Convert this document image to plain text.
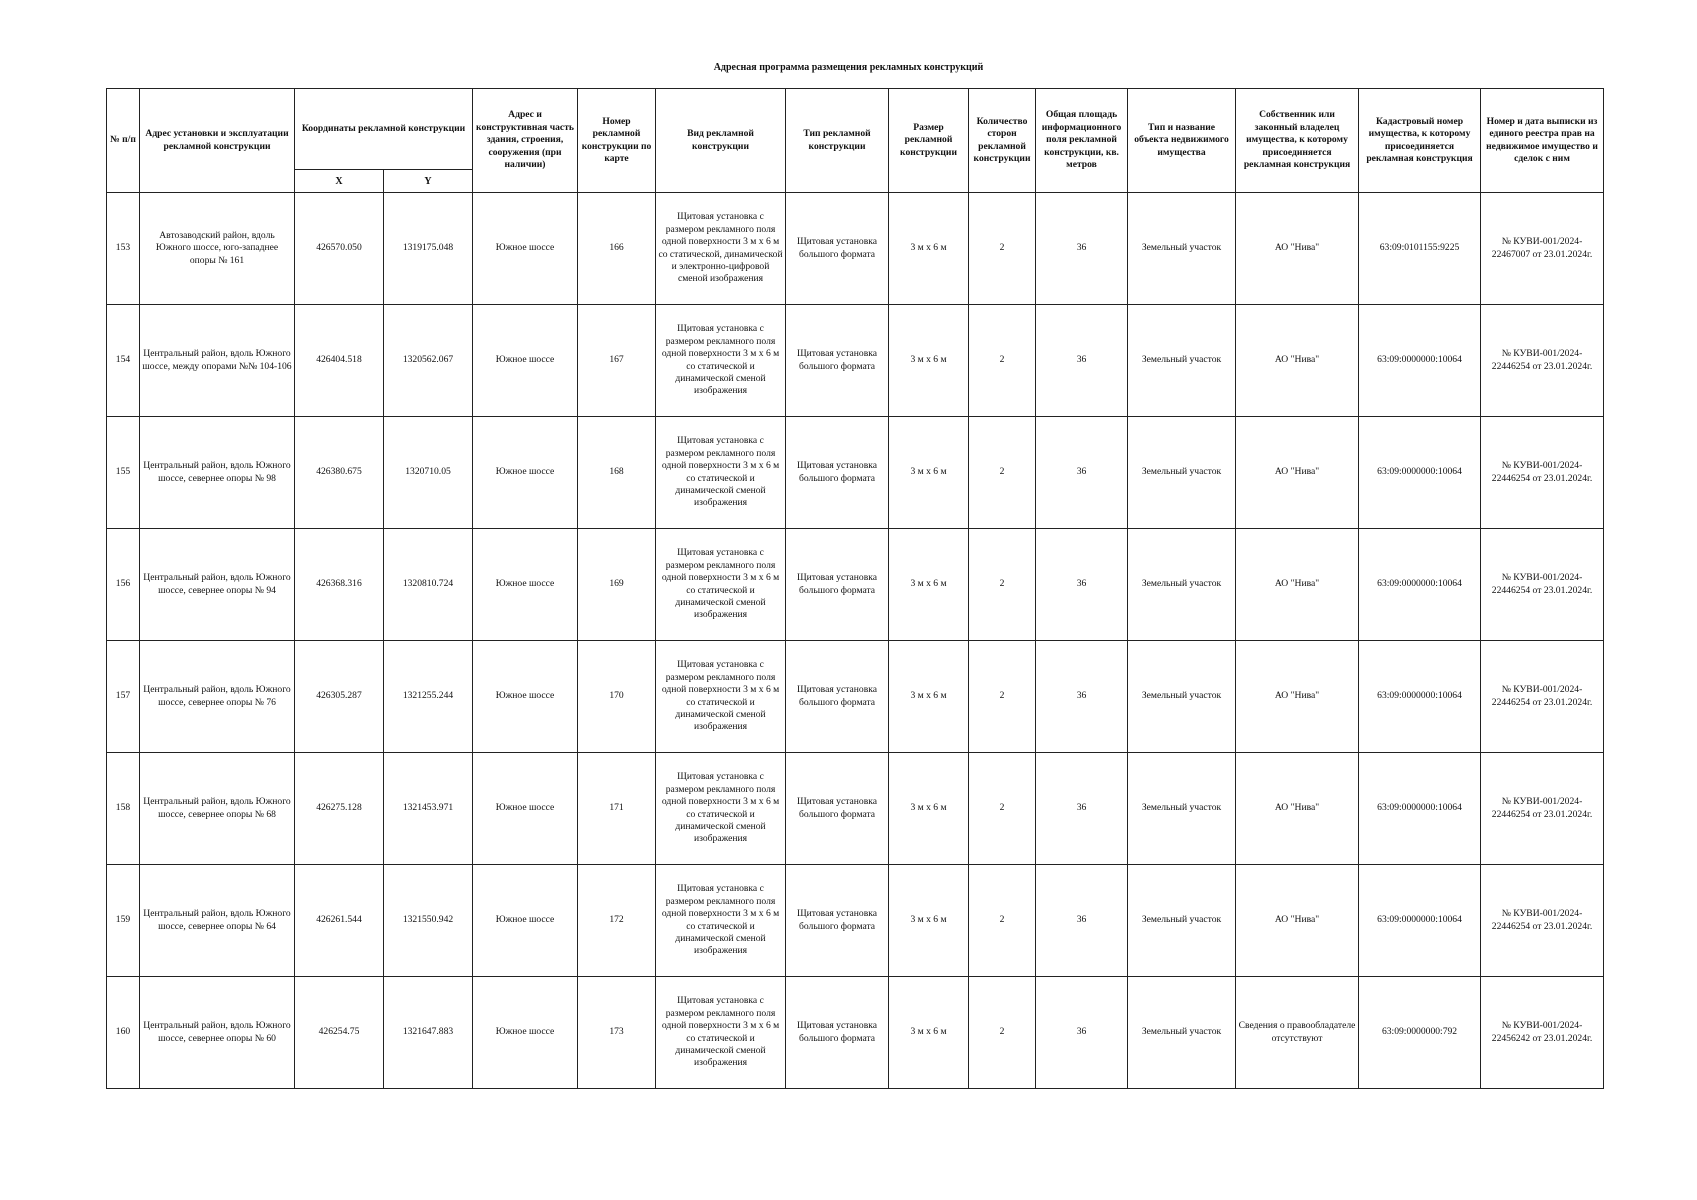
Адресная программа размещения рекламных конструкций
№ п/п	Адрес установки и эксплуатации рекламной конструкции	Координаты рекламной конструкции		Адрес и конструктивная часть здания, строения, сооружения (при наличии)	Номер рекламной конструкции по карте	Вид рекламной конструкции	Тип рекламной конструкции	Размер рекламной конструкции	Количество сторон рекламной конструкции	Общая площадь информационного поля рекламной конструкции, кв. метров	Тип и название объекта недвижимого имущества	Собственник или законный владелец имущества, к которому присоединяется рекламная конструкция	Кадастровый номер имущества, к которому присоединяется рекламная конструкция	Номер и дата выписки из единого реестра прав на недвижимое имущество и сделок с ним
		X	Y											
153	Автозаводский район, вдоль Южного шоссе, юго-западнее опоры № 161	426570.050	1319175.048	Южное шоссе	166	Щитовая установка с размером рекламного поля одной поверхности 3 м х 6 м со статической, динамической и электронно-цифровой сменой изображения	Щитовая установка большого формата	3 м х 6 м	2	36	Земельный участок	АО "Нива"	63:09:0101155:9225	№ КУВИ-001/2024-22467007 от 23.01.2024г.
154	Центральный район, вдоль Южного шоссе, между опорами №№ 104-106	426404.518	1320562.067	Южное шоссе	167	Щитовая установка с размером рекламного поля одной поверхности 3 м х 6 м со статической и динамической сменой изображения	Щитовая установка большого формата	3 м х 6 м	2	36	Земельный участок	АО "Нива"	63:09:0000000:10064	№ КУВИ-001/2024-22446254 от 23.01.2024г.
155	Центральный район, вдоль Южного шоссе, севернее опоры № 98	426380.675	1320710.05	Южное шоссе	168	Щитовая установка с размером рекламного поля одной поверхности 3 м х 6 м со статической и динамической сменой изображения	Щитовая установка большого формата	3 м х 6 м	2	36	Земельный участок	АО "Нива"	63:09:0000000:10064	№ КУВИ-001/2024-22446254 от 23.01.2024г.
156	Центральный район, вдоль Южного шоссе, севернее опоры № 94	426368.316	1320810.724	Южное шоссе	169	Щитовая установка с размером рекламного поля одной поверхности 3 м х 6 м со статической и динамической сменой изображения	Щитовая установка большого формата	3 м х 6 м	2	36	Земельный участок	АО "Нива"	63:09:0000000:10064	№ КУВИ-001/2024-22446254 от 23.01.2024г.
157	Центральный район, вдоль Южного шоссе, севернее опоры № 76	426305.287	1321255.244	Южное шоссе	170	Щитовая установка с размером рекламного поля одной поверхности 3 м х 6 м со статической и динамической сменой изображения	Щитовая установка большого формата	3 м х 6 м	2	36	Земельный участок	АО "Нива"	63:09:0000000:10064	№ КУВИ-001/2024-22446254 от 23.01.2024г.
158	Центральный район, вдоль Южного шоссе, севернее опоры № 68	426275.128	1321453.971	Южное шоссе	171	Щитовая установка с размером рекламного поля одной поверхности 3 м х 6 м со статической и динамической сменой изображения	Щитовая установка большого формата	3 м х 6 м	2	36	Земельный участок	АО "Нива"	63:09:0000000:10064	№ КУВИ-001/2024-22446254 от 23.01.2024г.
159	Центральный район, вдоль Южного шоссе, севернее опоры № 64	426261.544	1321550.942	Южное шоссе	172	Щитовая установка с размером рекламного поля одной поверхности 3 м х 6 м со статической и динамической сменой изображения	Щитовая установка большого формата	3 м х 6 м	2	36	Земельный участок	АО "Нива"	63:09:0000000:10064	№ КУВИ-001/2024-22446254 от 23.01.2024г.
160	Центральный район, вдоль Южного шоссе, севернее опоры № 60	426254.75	1321647.883	Южное шоссе	173	Щитовая установка с размером рекламного поля одной поверхности 3 м х 6 м со статической и динамической сменой изображения	Щитовая установка большого формата	3 м х 6 м	2	36	Земельный участок	Сведения о правообладателе отсутствуют	63:09:0000000:792	№ КУВИ-001/2024-22456242 от 23.01.2024г.
